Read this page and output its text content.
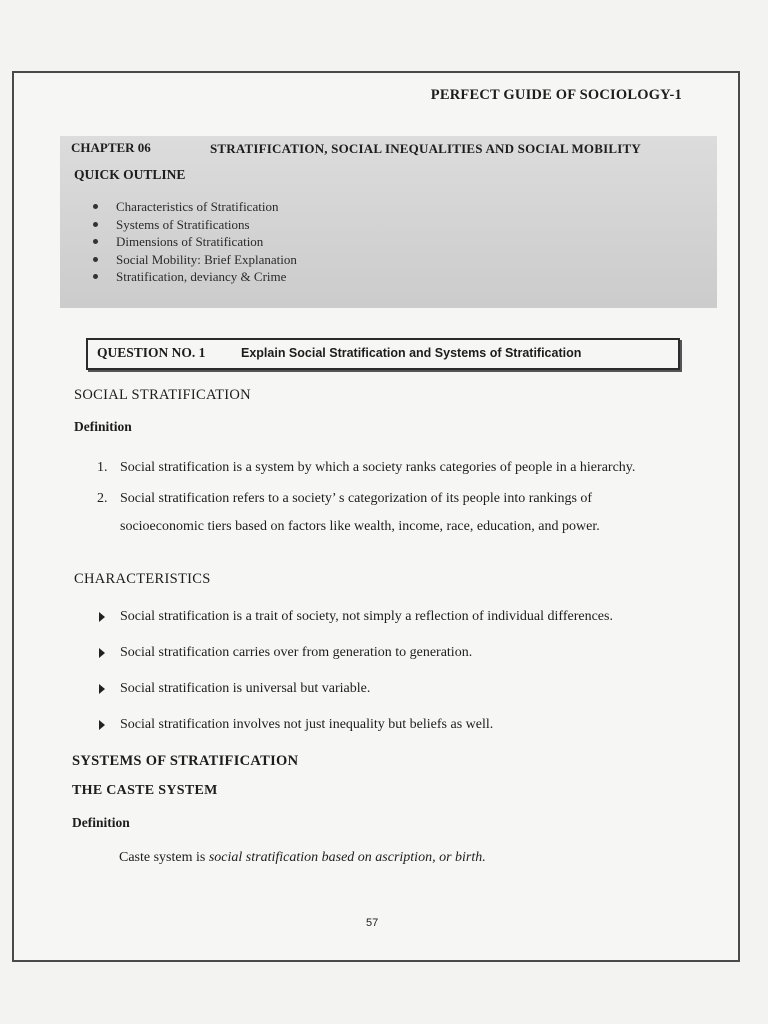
PERFECT GUIDE OF SOCIOLOGY-1
CHAPTER 06	STRATIFICATION, SOCIAL INEQUALITIES AND SOCIAL MOBILITY
QUICK OUTLINE
Characteristics of Stratification
Systems of Stratifications
Dimensions of Stratification
Social Mobility: Brief Explanation
Stratification, deviancy & Crime
QUESTION NO. 1	Explain Social Stratification and Systems of Stratification
SOCIAL STRATIFICATION
Definition
1. Social stratification is a system by which a society ranks categories of people in a hierarchy.
2. Social stratification refers to a society’ s categorization of its people into rankings of socioeconomic tiers based on factors like wealth, income, race, education, and power.
CHARACTERISTICS
Social stratification is a trait of society, not simply a reflection of individual differences.
Social stratification carries over from generation to generation.
Social stratification is universal but variable.
Social stratification involves not just inequality but beliefs as well.
SYSTEMS OF STRATIFICATION
THE CASTE SYSTEM
Definition
Caste system is social stratification based on ascription, or birth.
57
